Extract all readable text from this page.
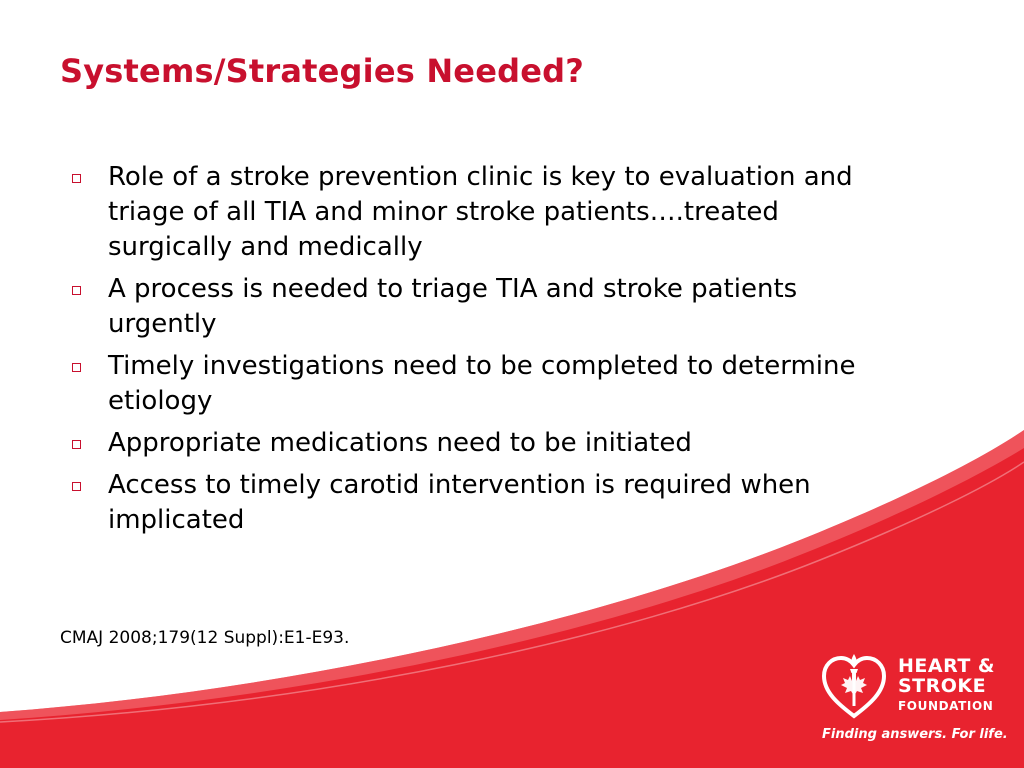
Systems/Strategies Needed?
Role of a stroke prevention clinic is key to evaluation and triage of all TIA and minor stroke patients….treated surgically and medically
A process is needed to triage TIA and stroke patients urgently
Timely investigations need to be completed to determine etiology
Appropriate medications need to be initiated
Access to timely carotid intervention is required when implicated
CMAJ 2008;179(12 Suppl):E1-E93.
HEART &
STROKE
FOUNDATION
Finding answers. For life.
